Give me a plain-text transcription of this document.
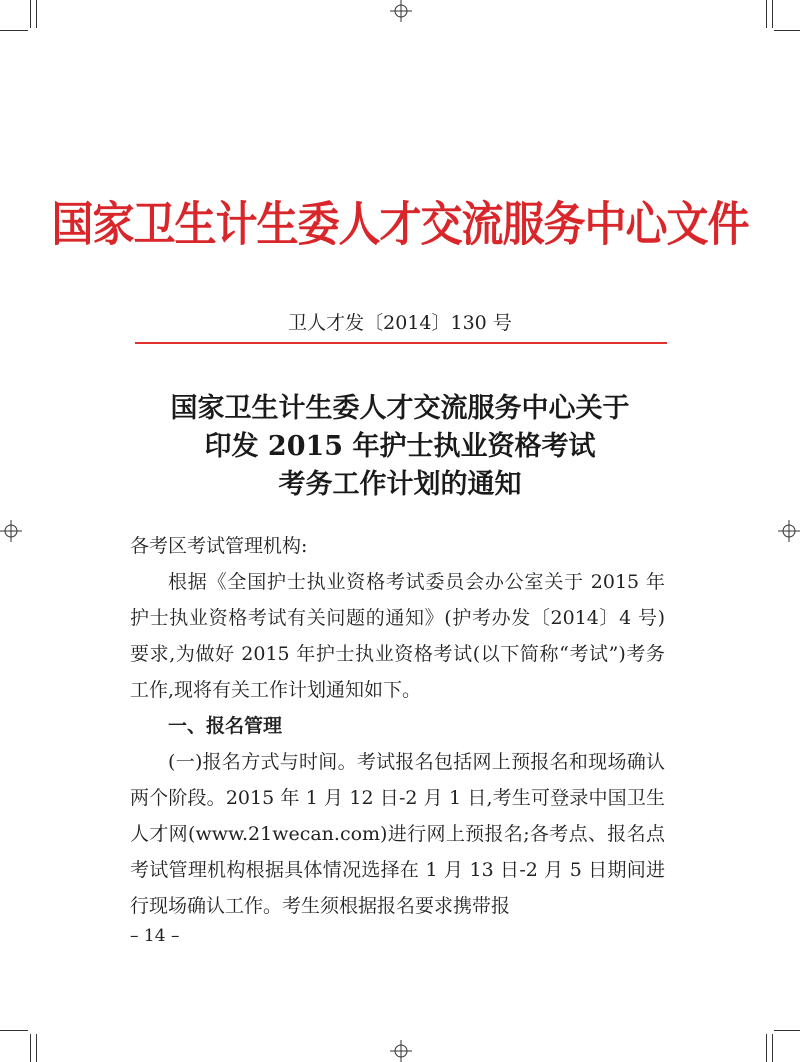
国家卫生计生委人才交流服务中心文件
卫人才发〔2014〕130 号
国家卫生计生委人才交流服务中心关于
印发 2015 年护士执业资格考试
考务工作计划的通知

各考区考试管理机构:

根据《全国护士执业资格考试委员会办公室关于 2015 年护士执业资格考试有关问题的通知》(护考办发〔2014〕4 号)要求,为做好 2015 年护士执业资格考试(以下简称“考试”)考务工作,现将有关工作计划通知如下。

一、报名管理

(一)报名方式与时间。考试报名包括网上预报名和现场确认两个阶段。2015 年 1 月 12 日-2 月 1 日,考生可登录中国卫生人才网(www.21wecan.com)进行网上预报名;各考点、报名点考试管理机构根据具体情况选择在 1 月 13 日-2 月 5 日期间进行现场确认工作。考生须根据报名要求携带报

– 14 –
